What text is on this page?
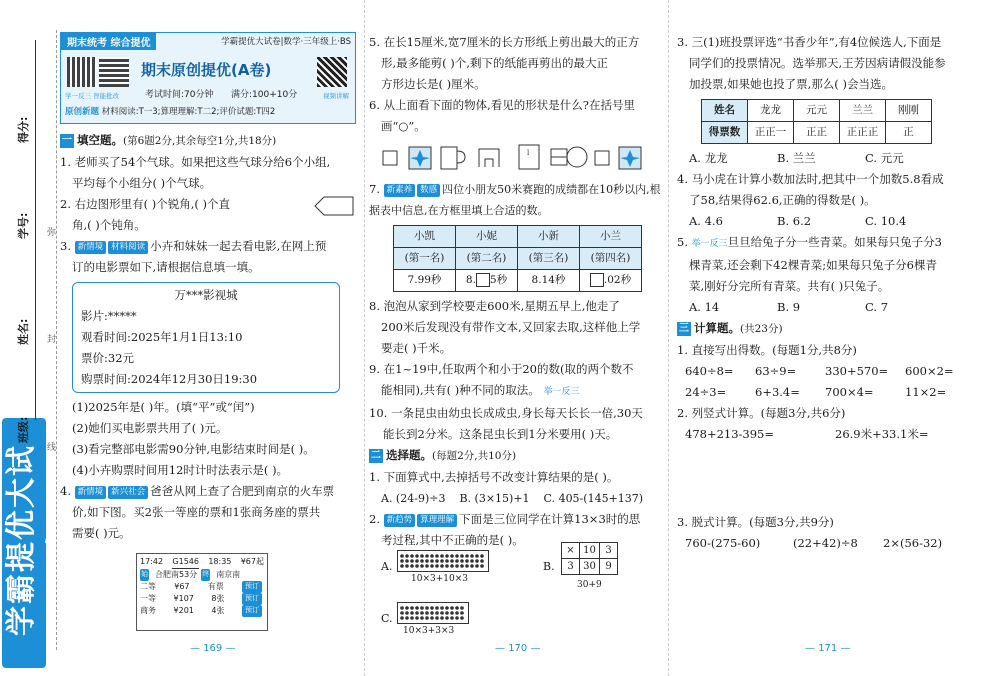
学霸提优大试卷
得分:
学号:
姓名:
班级:
弥
封
线
期末统考 综合提优	学霸提优大试卷|数学·三年级上·BS
学一反三 智能批改
期末原创提优(A卷)
视频讲解
考试时间:70分钟 满分:100+10分
原创新题 材料阅读:T一3;算理理解:T二2;评价试题:T四2
一 填空题。(第6题2分,其余每空1分,共18分)
1. 老师买了54个气球。如果把这些气球分给6个小组,
平均每个小组分( )个气球。
2. 右边图形里有( )个锐角,( )个直
角,( )个钝角。
3. 新情境 材料阅读 小卉和妹妹一起去看电影,在网上预
订的电影票如下,请根据信息填一填。
万***影视城
影片:*****
观看时间:2025年1月1日13:10
票价:32元
购票时间:2024年12月30日19:30
(1)2025年是( )年。(填“平”或“闰”)
(2)她们买电影票共用了( )元。
(3)看完整部电影需90分钟,电影结束时间是( )。
(4)小卉购票时间用12时计时法表示是( )。
4. 新情境 新兴社会 爸爸从网上查了合肥到南京的火车票
价,如下图。买2张一等座的票和1张商务座的票共
需要( )元。
17:42 G1546 18:35 ¥67起
始 合肥南 53分 终 南京南
二等 ¥67 有票	预订
一等 ¥107 8张	预订
商务 ¥201 4张	预订
— 169 —
5. 在长15厘米,宽7厘米的长方形纸上剪出最大的正方
形,最多能剪( )个,剩下的纸能再剪出的最大正
方形边长是( )厘米。
6. 从上面看下面的物体,看见的形状是什么?在括号里
画“○”。
l
7. 新素养 数感 四位小朋友50米赛跑的成绩都在10秒以内,根据表中信息,在方框里填上合适的数。
小凯	小妮	小新	小兰
(第一名)	(第二名)	(第三名)	(第四名)
7.99秒	8. 5秒	8.14秒	.02秒
8. 泡泡从家到学校要走600米,星期五早上,他走了
200米后发现没有带作文本,又回家去取,这样他上学
要走( )千米。
9. 在1~19中,任取两个和小于20的数(取的两个数不
能相同),共有( )种不同的取法。 举一反三
10. 一条昆虫由幼虫长成成虫,身长每天长长一倍,30天
能长到2分米。这条昆虫长到1分米要用( )天。
二 选择题。(每题2分,共10分)
1. 下面算式中,去掉括号不改变计算结果的是( )。
A. (24-9)÷3 B. (3×15)+1 C. 405-(145+137)
2. 新趋势 算理理解 下面是三位同学在计算13×3时的思
考过程,其中不正确的是( )。
A.
10×3+10×3
B.
×	10	3
3	30	9
30+9
C.
10×3+3×3
— 170 —
3. 三(1)班投票评选“书香少年”,有4位候选人,下面是
同学们的投票情况。选举那天,王芳因病请假没能参
加投票,如果她也投了票,那么( )会当选。
姓名	龙龙	元元	兰兰	刚刚
得票数	正正一	正正	正正正	正
A. 龙龙	B. 兰兰	C. 元元
4. 马小虎在计算小数加法时,把其中一个加数5.8看成
了58,结果得62.6,正确的得数是( )。
A. 4.6	B. 6.2	C. 10.4
5. 举一反三旦旦给兔子分一些青菜。如果每只兔子分3
棵青菜,还会剩下42棵青菜;如果每只兔子分6棵青
菜,刚好分完所有青菜。共有( )只兔子。
A. 14	B. 9	C. 7
三 计算题。(共23分)
1. 直接写出得数。(每题1分,共8分)
640÷8=	63÷9=	330+570=	600×2=
24÷3=	6+3.4=	700×4=	11×2=
2. 列竖式计算。(每题3分,共6分)
478+213-395=	26.9米+33.1米=
3. 脱式计算。(每题3分,共9分)
760-(275-60)	(22+42)÷8	2×(56-32)
— 171 —
